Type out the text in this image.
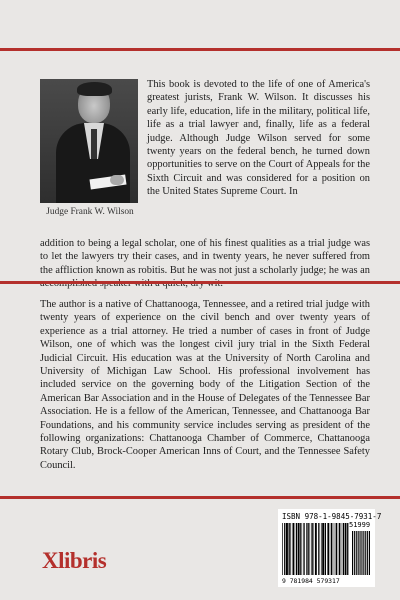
Judge Frank W. Wilson
This book is devoted to the life of one of America's greatest jurists, Frank W. Wilson. It discusses his early life, education, life in the military, political life, life as a trial lawyer and, finally, life as a federal judge. Although Judge Wilson served for some twenty years on the federal bench, he turned down opportunities to serve on the Court of Appeals for the Sixth Circuit and was considered for a position on the United States Supreme Court. In
addition to being a legal scholar, one of his finest qualities as a trial judge was to let the lawyers try their cases, and in twenty years, he never suffered from the affliction known as robitis. But he was not just a scholarly judge; he was an
The author is a native of Chattanooga, Tennessee, and a retired trial judge with twenty years of experience on the civil bench and over twenty years of experience as a trial attorney. He tried a number of cases in front of Judge Wilson, one of which was the longest civil jury trial in the Sixth Federal Judicial Circuit. His education was at the University of North Carolina and University of Michigan Law School. His professional involvement has included service on the governing body of the Litigation Section of the American Bar Association and in the House of Delegates of the Tennessee Bar Association. He is a fellow of the American, Tennessee, and Chattanooga Bar Foundations, and his community service includes serving as president of the following organizations: Chattanooga Chamber of Commerce, Chattanooga Rotary Club, Brock-Cooper American Inns of Court, and the Tennessee Safety Council.
Xlibris
ISBN 978-1-9845-7931-7
51999
9 781984 579317
